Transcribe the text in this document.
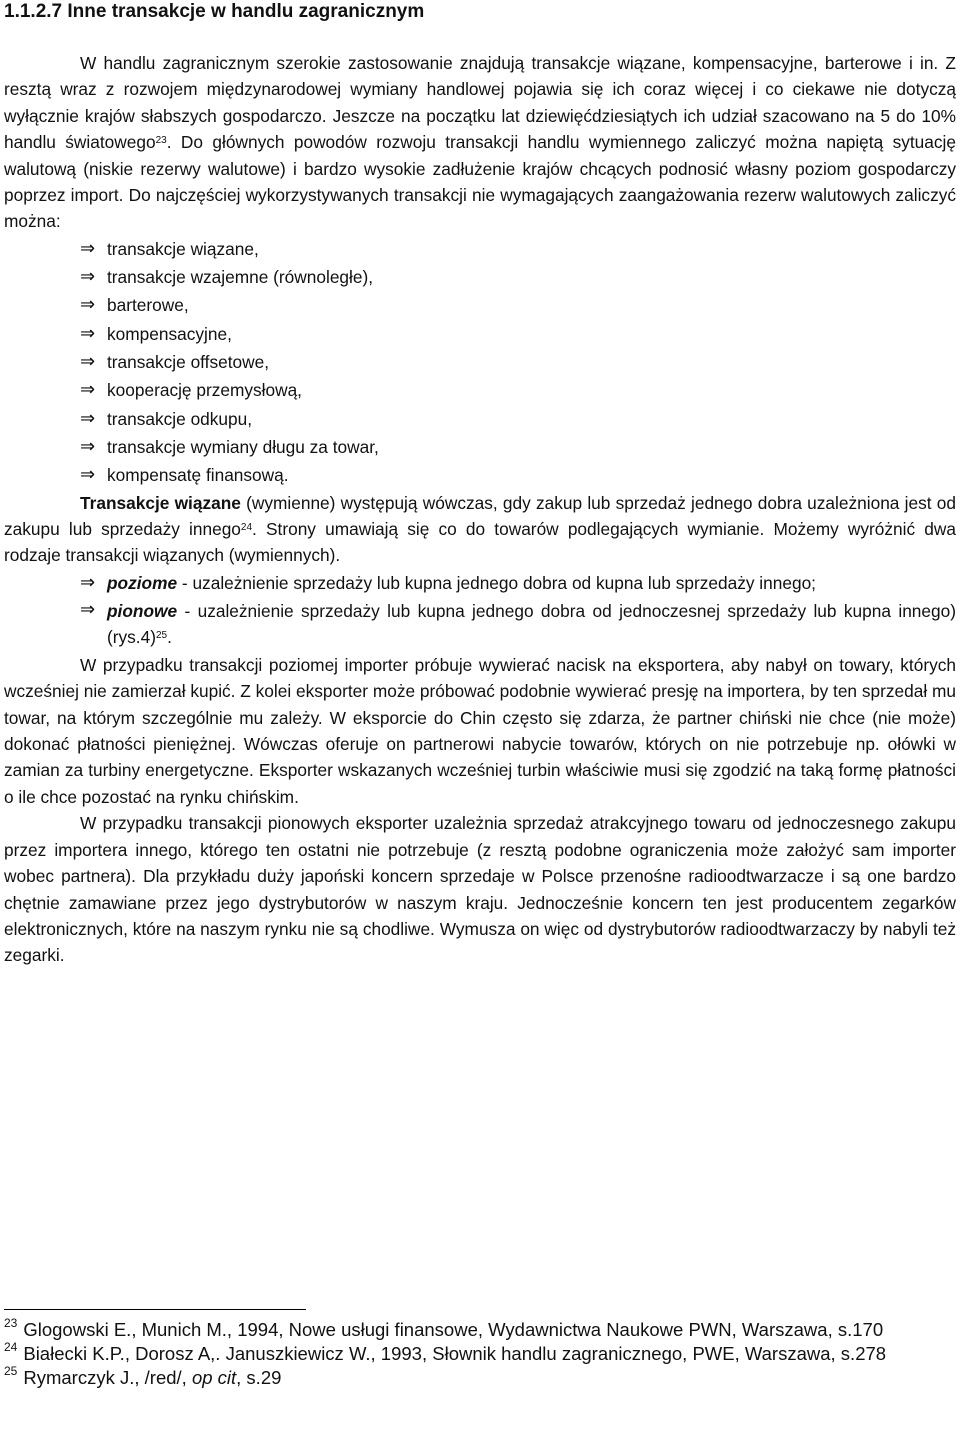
1.1.2.7 Inne transakcje w handlu zagranicznym

W handlu zagranicznym szerokie zastosowanie znajdują transakcje wiązane, kompensacyjne, barterowe i in. Z resztą wraz z rozwojem międzynarodowej wymiany handlowej pojawia się ich coraz więcej i co ciekawe nie dotyczą wyłącznie krajów słabszych gospodarczo. Jeszcze na początku lat dziewięćdziesiątych ich udział szacowano na 5 do 10% handlu światowego$^{23}$. Do głównych powodów rozwoju transakcji handlu wymiennego zaliczyć można napiętą sytuację walutową (niskie rezerwy walutowe) i bardzo wysokie zadłużenie krajów chcących podnosić własny poziom gospodarczy poprzez import. Do najczęściej wykorzystywanych transakcji nie wymagających zaangażowania rezerw walutowych zaliczyć można:

⇒ transakcje wiązane,
⇒ transakcje wzajemne (równoległe),
⇒ barterowe,
⇒ kompensacyjne,
⇒ transakcje offsetowe,
⇒ kooperację przemysłową,
⇒ transakcje odkupu,
⇒ transakcje wymiany długu za towar,
⇒ kompensatę finansową.

Transakcje wiązane (wymienne) występują wówczas, gdy zakup lub sprzedaż jednego dobra uzależniona jest od zakupu lub sprzedaży innego$^{24}$. Strony umawiają się co do towarów podlegających wymianie. Możemy wyróżnić dwa rodzaje transakcji wiązanych (wymiennych).

⇒ poziome - uzależnienie sprzedaży lub kupna jednego dobra od kupna lub sprzedaży innego;
⇒ pionowe - uzależnienie sprzedaży lub kupna jednego dobra od jednoczesnej sprzedaży lub kupna innego) $(rys.4)^{25}$.

W przypadku transakcji poziomej importer próbuje wywierać nacisk na eksportera, aby nabył on towary, których wcześniej nie zamierzał kupić. Z kolei eksporter może próbować podobnie wywierać presję na importera, by ten sprzedał mu towar, na którym szczególnie mu zależy. W eksporcie do Chin często się zdarza, że partner chiński nie chce (nie może) dokonać płatności pieniężnej. Wówczas oferuje on partnerowi nabycie towarów, których on nie potrzebuje np. ołówki w zamian za turbiny energetyczne. Eksporter wskazanych wcześniej turbin właściwie musi się zgodzić na taką formę płatności o ile chce pozostać na rynku chińskim.

W przypadku transakcji pionowych eksporter uzależnia sprzedaż atrakcyjnego towaru od jednoczesnego zakupu przez importera innego, którego ten ostatni nie potrzebuje (z resztą podobne ograniczenia może założyć sam importer wobec partnera). Dla przykładu duży japoński koncern sprzedaje w Polsce przenośne radioodtwarzacze i są one bardzo chętnie zamawiane przez jego dystrybutorów w naszym kraju. Jednocześnie koncern ten jest producentem zegarków elektronicznych, które na naszym rynku nie są chodliwe. Wymusza on więc od dystrybutorów radioodtwarzaczy by nabyli też zegarki.

$^{23}$ Glogowski E., Munich M., 1994, Nowe usługi finansowe, Wydawnictwa Naukowe PWN, Warszawa, s.170

$^{24}$ Białecki K.P., Dorosz A,. Januszkiewicz W., 1993, Słownik handlu zagranicznego, PWE, Warszawa, s.278

$^{25}$ Rymarczyk J., /red/, op cit, s.29
